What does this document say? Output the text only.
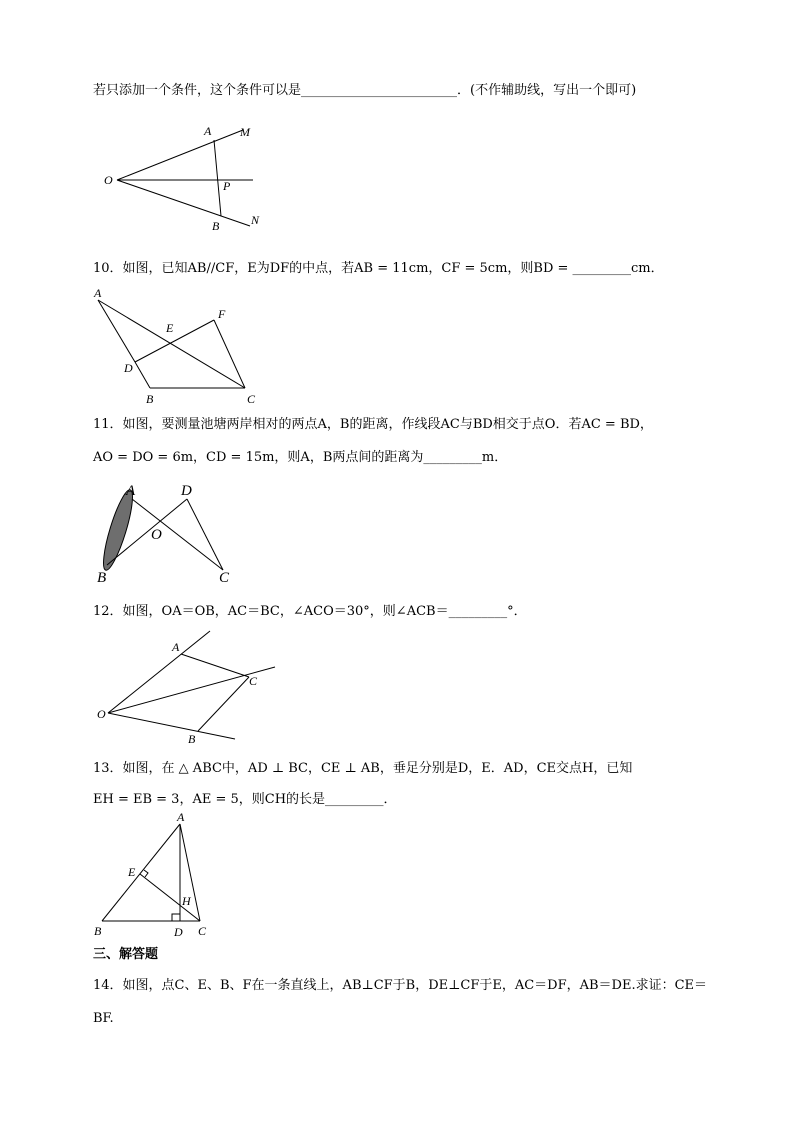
若只添加一个条件，这个条件可以是________________________．(不作辅助线，写出一个即可)
A M
O	P
B	N
10．如图，已知AB//CF，E为DF的中点，若AB = 11cm，CF = 5cm，则BD = _________cm．
A
F
E
D
B	C
11．如图，要测量池塘两岸相对的两点A，B的距离，作线段AC与BD相交于点O．若AC = BD，
AO = DO = 6m，CD = 15m，则A，B两点间的距离为_________m．
A	D
O
B	C
12．如图，OA＝OB，AC＝BC，∠ACO＝30°，则∠ACB＝_________°．
A
C
O
B
13．如图，在 △ ABC中，AD ⊥ BC，CE ⊥ AB，垂足分别是D，E．AD，CE交点H，已知
EH = EB = 3，AE = 5，则CH的长是_________．
A
E
H
B	D C
三、解答题
14．如图，点C、E、B、F在一条直线上，AB⊥CF于B，DE⊥CF于E，AC＝DF，AB＝DE.求证：CE＝
BF.
